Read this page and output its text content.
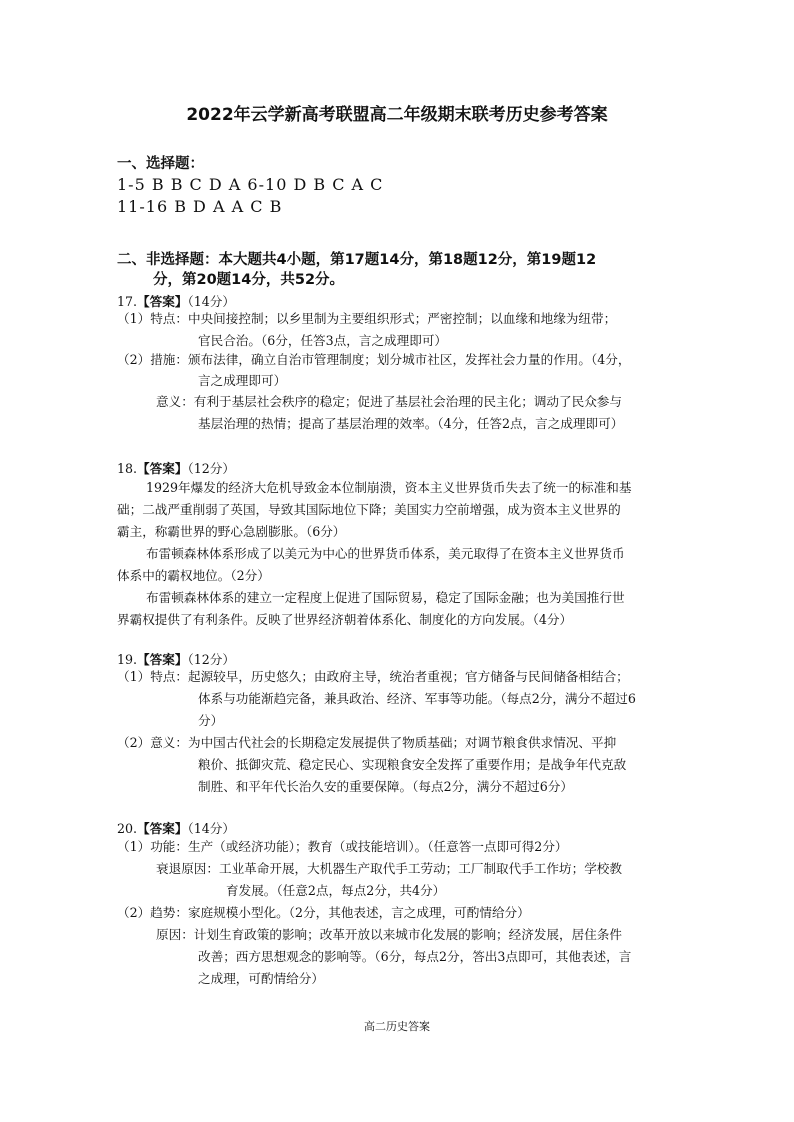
2022年云学新高考联盟高二年级期末联考历史参考答案
一、选择题：
1-5 B B C D A 6-10 D B C A C
11-16 B D A A C B
二、非选择题：本大题共4小题，第17题14分，第18题12分，第19题12
分，第20题14分，共52分。
17.【答案】（14分）
（1）特点：中央间接控制；以乡里制为主要组织形式；严密控制；以血缘和地缘为纽带；
官民合治。（6分，任答3点，言之成理即可）
（2）措施：颁布法律，确立自治市管理制度；划分城市社区，发挥社会力量的作用。（4分，
言之成理即可）
意义：有利于基层社会秩序的稳定；促进了基层社会治理的民主化；调动了民众参与
基层治理的热情；提高了基层治理的效率。（4分，任答2点，言之成理即可）
18.【答案】（12分）
1929年爆发的经济大危机导致金本位制崩溃，资本主义世界货币失去了统一的标准和基
础；二战严重削弱了英国，导致其国际地位下降；美国实力空前增强，成为资本主义世界的
霸主，称霸世界的野心急剧膨胀。（6分）
布雷顿森林体系形成了以美元为中心的世界货币体系，美元取得了在资本主义世界货币
体系中的霸权地位。（2分）
布雷顿森林体系的建立一定程度上促进了国际贸易，稳定了国际金融；也为美国推行世
界霸权提供了有利条件。反映了世界经济朝着体系化、制度化的方向发展。（4分）
19.【答案】（12分）
（1）特点：起源较早，历史悠久；由政府主导，统治者重视；官方储备与民间储备相结合；
体系与功能渐趋完备，兼具政治、经济、军事等功能。（每点2分，满分不超过6
分）
（2）意义：为中国古代社会的长期稳定发展提供了物质基础；对调节粮食供求情况、平抑
粮价、抵御灾荒、稳定民心、实现粮食安全发挥了重要作用；是战争年代克敌
制胜、和平年代长治久安的重要保障。（每点2分，满分不超过6分）
20.【答案】（14分）
（1）功能：生产（或经济功能）；教育（或技能培训）。（任意答一点即可得2分）
衰退原因：工业革命开展，大机器生产取代手工劳动；工厂制取代手工作坊；学校教
育发展。（任意2点，每点2分，共4分）
（2）趋势：家庭规模小型化。（2分，其他表述，言之成理，可酌情给分）
原因：计划生育政策的影响；改革开放以来城市化发展的影响；经济发展，居住条件
改善；西方思想观念的影响等。（6分，每点2分，答出3点即可，其他表述，言
之成理，可酌情给分）
高二历史答案
